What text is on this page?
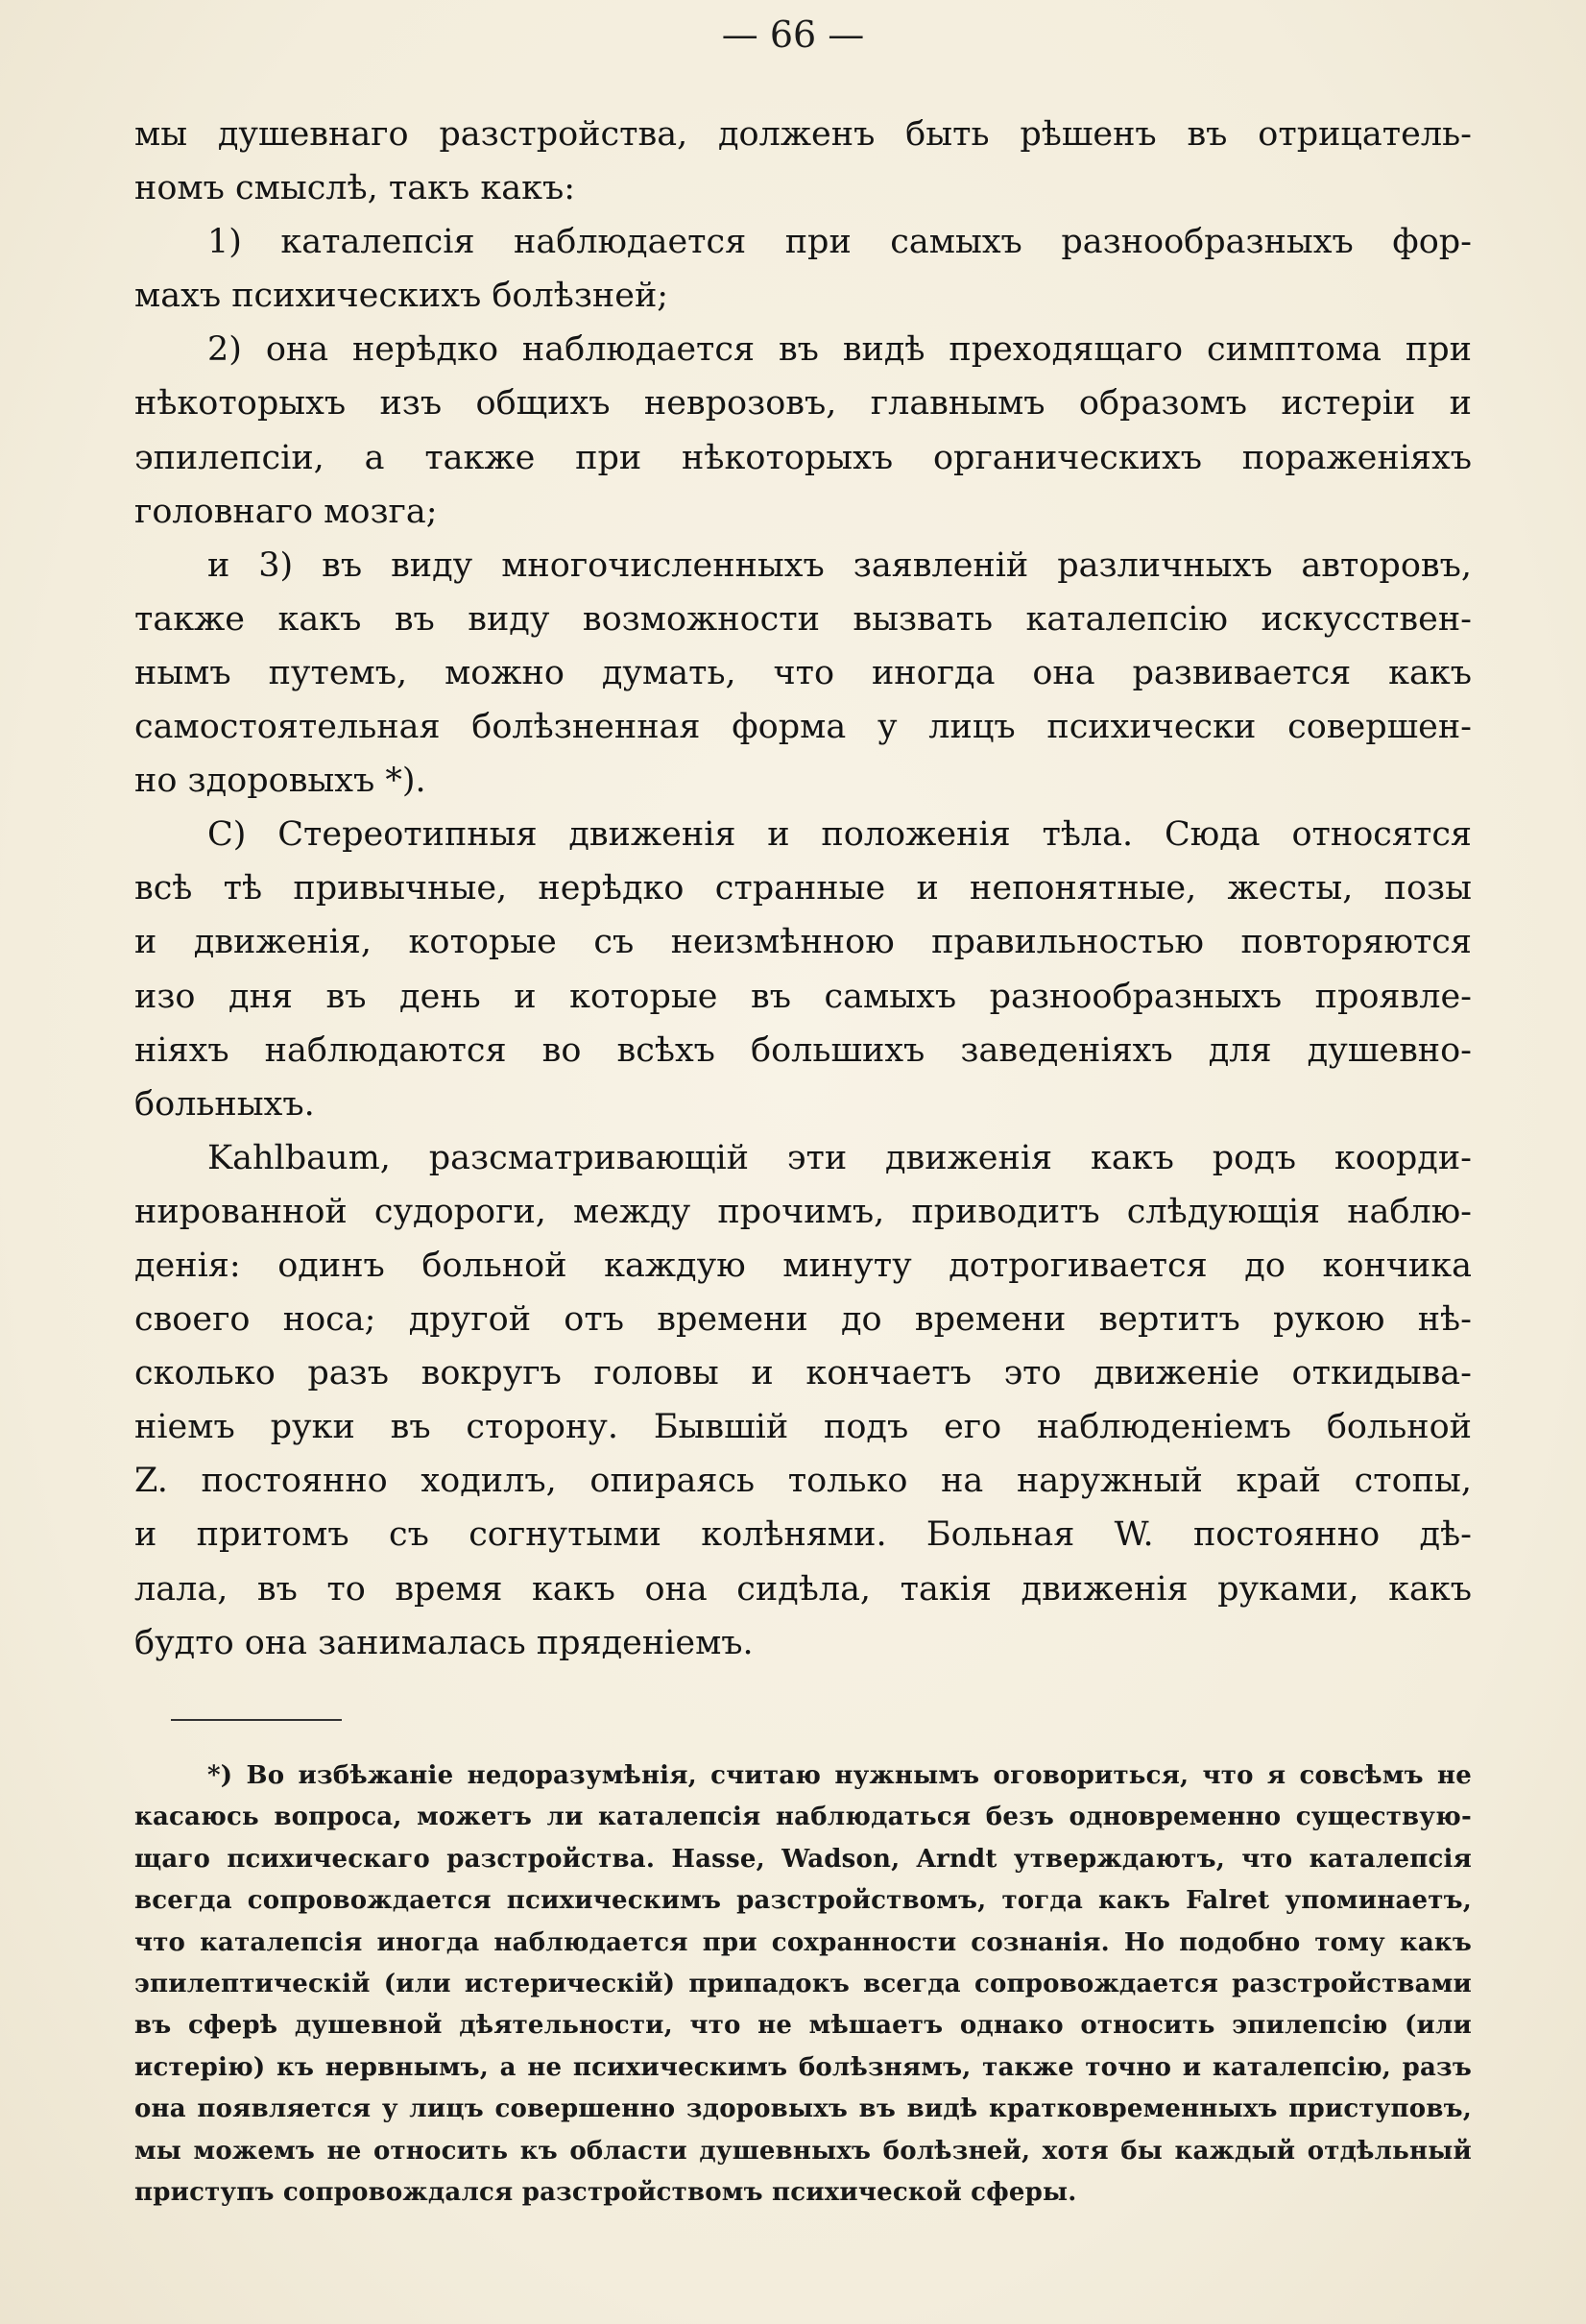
— 66 —
мы душевнаго разстройства, долженъ быть рѣшенъ въ отрицатель-
номъ смыслѣ, такъ какъ:
1) каталепсія наблюдается при самыхъ разнообразныхъ фор-
махъ психическихъ болѣзней;
2) она нерѣдко наблюдается въ видѣ преходящаго симптома при
нѣкоторыхъ изъ общихъ неврозовъ, главнымъ образомъ истеріи и
эпилепсіи, а также при нѣкоторыхъ органическихъ пораженіяхъ
головнаго мозга;
и 3) въ виду многочисленныхъ заявленій различныхъ авторовъ,
также какъ въ виду возможности вызвать каталепсію искусствен-
нымъ путемъ, можно думать, что иногда она развивается какъ
самостоятельная болѣзненная форма у лицъ психически совершен-
но здоровыхъ *).
С) Стереотипныя движенія и положенія тѣла. Сюда относятся
всѣ тѣ привычные, нерѣдко странные и непонятные, жесты, позы
и движенія, которые съ неизмѣнною правильностью повторяются
изо дня въ день и которые въ самыхъ разнообразныхъ проявле-
ніяхъ наблюдаются во всѣхъ большихъ заведеніяхъ для душевно-
больныхъ.
Kahlbaum, разсматривающій эти движенія какъ родъ коорди-
нированной судороги, между прочимъ, приводитъ слѣдующія наблю-
денія: одинъ больной каждую минуту дотрогивается до кончика
своего носа; другой отъ времени до времени вертитъ рукою нѣ-
сколько разъ вокругъ головы и кончаетъ это движеніе откидыва-
ніемъ руки въ сторону. Бывшій подъ его наблюденіемъ больной
Z. постоянно ходилъ, опираясь только на наружный край стопы,
и притомъ съ согнутыми колѣнями. Больная W. постоянно дѣ-
лала, въ то время какъ она сидѣла, такія движенія руками, какъ
будто она занималась пряденіемъ.
*) Во избѣжаніе недоразумѣнія, считаю нужнымъ оговориться, что я совсѣмъ не
касаюсь вопроса, можетъ ли каталепсія наблюдаться безъ одновременно существую-
щаго психическаго разстройства. Hasse, Wadson, Arndt утверждаютъ, что каталепсія
всегда сопровождается психическимъ разстройствомъ, тогда какъ Falret упоминаетъ,
что каталепсія иногда наблюдается при сохранности сознанія. Но подобно тому какъ
эпилептическій (или истерическій) припадокъ всегда сопровождается разстройствами
въ сферѣ душевной дѣятельности, что не мѣшаетъ однако относить эпилепсію (или
истерію) къ нервнымъ, а не психическимъ болѣзнямъ, также точно и каталепсію, разъ
она появляется у лицъ совершенно здоровыхъ въ видѣ кратковременныхъ приступовъ,
мы можемъ не относить къ области душевныхъ болѣзней, хотя бы каждый отдѣльный
приступъ сопровождался разстройствомъ психической сферы.
